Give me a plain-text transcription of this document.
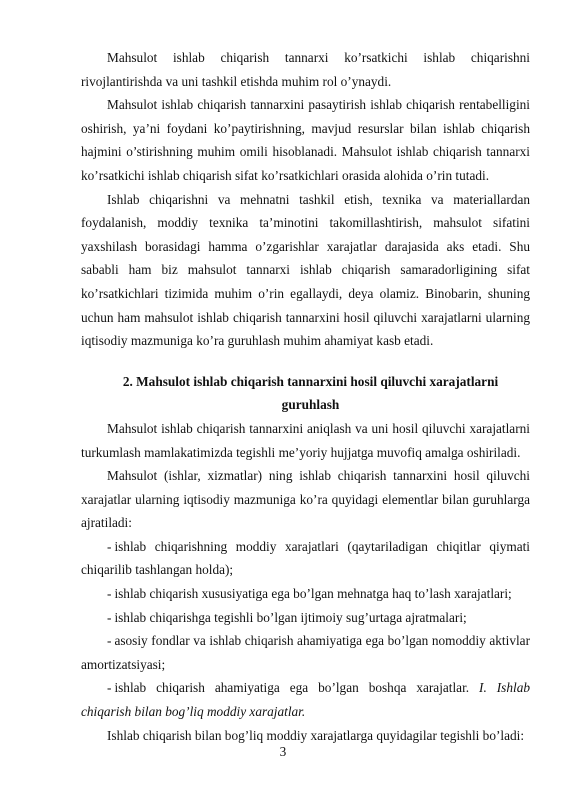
Mahsulot ishlab chiqarish tannarxi ko’rsatkichi ishlab chiqarishni rivojlantirishda va uni tashkil etishda muhim rol o’ynaydi.

Mahsulot ishlab chiqarish tannarxini pasaytirish ishlab chiqarish rentabelligini oshirish, ya’ni foydani ko’paytirishning, mavjud resurslar bilan ishlab chiqarish hajmini o’stirishning muhim omili hisoblanadi. Mahsulot ishlab chiqarish tannarxi ko’rsatkichi ishlab chiqarish sifat ko’rsatkichlari orasida alohida o’rin tutadi.

Ishlab chiqarishni va mehnatni tashkil etish, texnika va materiallardan foydalanish, moddiy texnika ta’minotini takomillashtirish, mahsulot sifatini yaxshilash borasidagi hamma o’zgarishlar xarajatlar darajasida aks etadi. Shu sababli ham biz mahsulot tannarxi ishlab chiqarish samaradorligining sifat ko’rsatkichlari tizimida muhim o’rin egallaydi, deya olamiz. Binobarin, shuning uchun ham mahsulot ishlab chiqarish tannarxini hosil qiluvchi xarajatlarni ularning iqtisodiy mazmuniga ko’ra guruhlash muhim ahamiyat kasb etadi.

2. Mahsulot ishlab chiqarish tannarxini hosil qiluvchi xarajatlarni guruhlash

Mahsulot ishlab chiqarish tannarxini aniqlash va uni hosil qiluvchi xarajatlarni turkumlash mamlakatimizda tegishli me’yoriy hujjatga muvofiq amalga oshiriladi.

Mahsulot (ishlar, xizmatlar) ning ishlab chiqarish tannarxini hosil qiluvchi xarajatlar ularning iqtisodiy mazmuniga ko’ra quyidagi elementlar bilan guruhlarga ajratiladi:

- ishlab chiqarishning moddiy xarajatlari (qaytariladigan chiqitlar qiymati chiqarilib tashlangan holda);

- ishlab chiqarish xususiyatiga ega bo’lgan mehnatga haq to’lash xarajatlari;

- ishlab chiqarishga tegishli bo’lgan ijtimoiy sug’urtaga ajratmalari;

- asosiy fondlar va ishlab chiqarish ahamiyatiga ega bo’lgan nomoddiy aktivlar amortizatsiyasi;

- ishlab chiqarish ahamiyatiga ega bo’lgan boshqa xarajatlar. I. Ishlab chiqarish bilan bog’liq moddiy xarajatlar.

Ishlab chiqarish bilan bog’liq moddiy xarajatlarga quyidagilar tegishli bo’ladi:

3
